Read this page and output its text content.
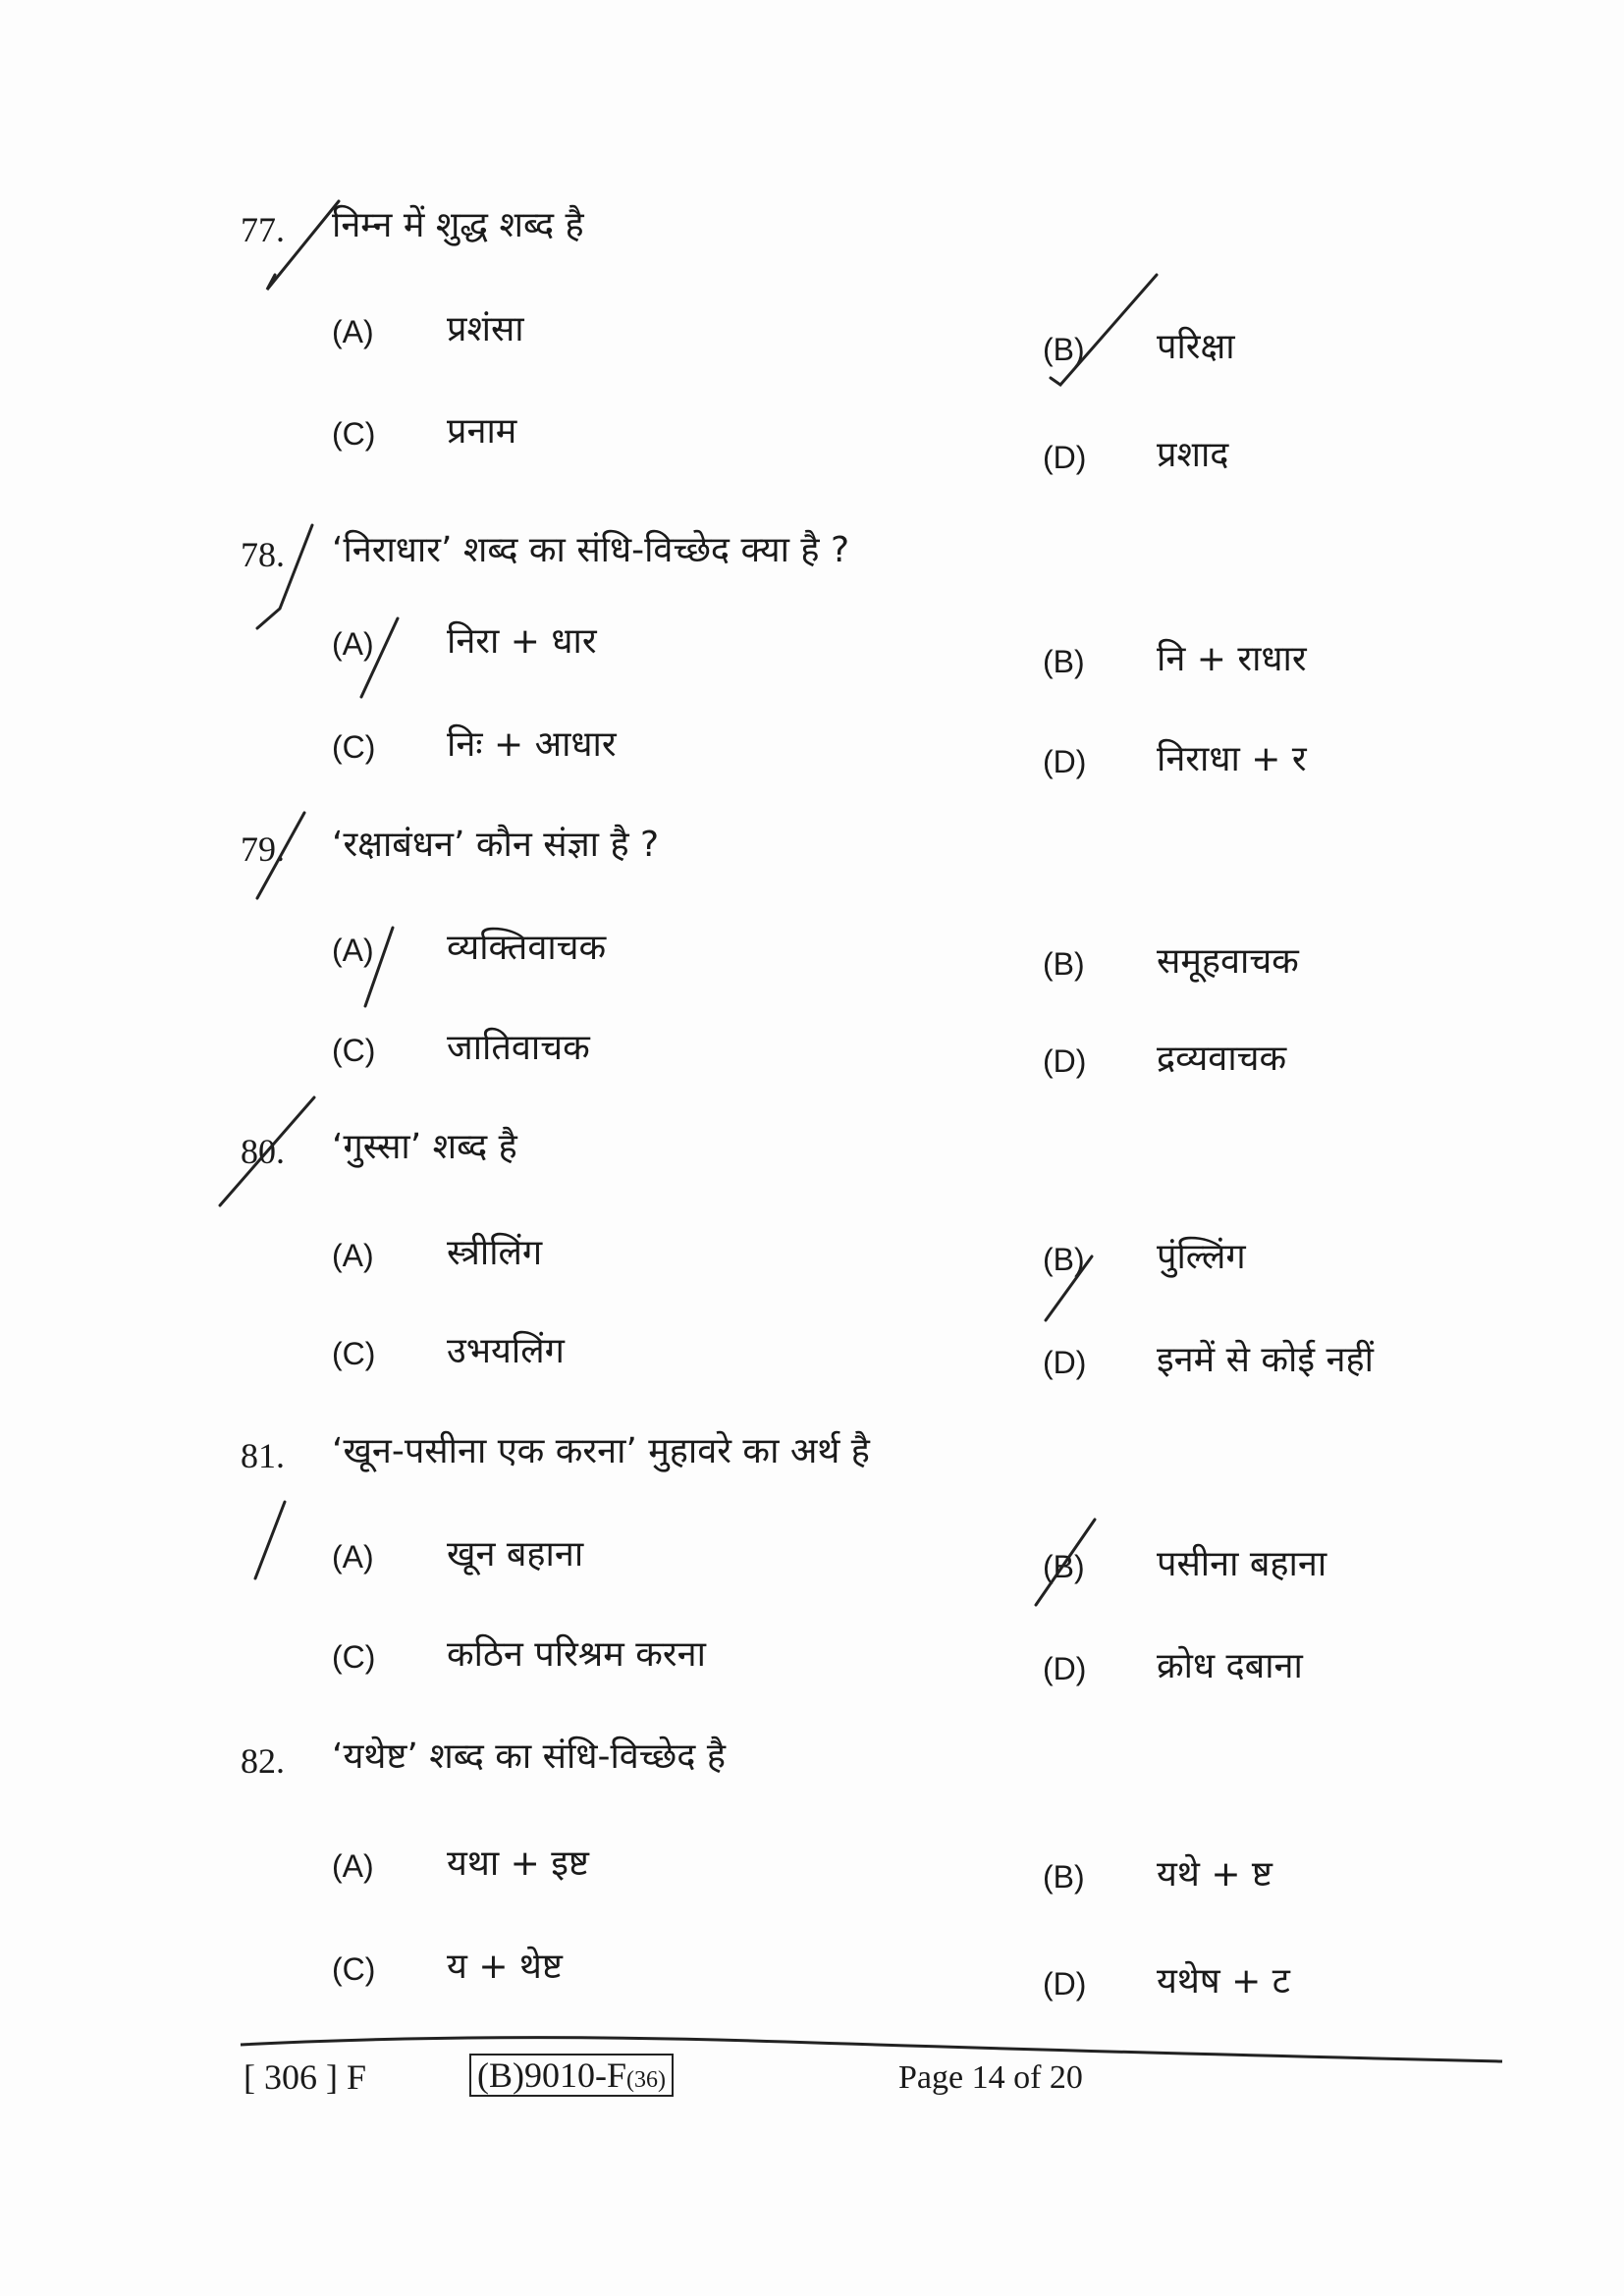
77. निम्न में शुद्ध शब्द है
(A) प्रशंसा	(B) परिक्षा
(C) प्रनाम
(D) प्रशाद
78. ‘निराधार’ शब्द का संधि-विच्छेद क्या है ?
(A) निरा + धार	(B) नि + राधार
(C) निः + आधार	(D) निराधा + र
79. ‘रक्षाबंधन’ कौन संज्ञा है ?
(A) व्यक्तिवाचक	(B) समूहवाचक
(C) जातिवाचक	(D) द्रव्यवाचक
80. ‘गुस्सा’ शब्द है
(A) स्त्रीलिंग	(B) पुंल्लिंग
(C) उभयलिंग	(D) इनमें से कोई नहीं
81. ‘खून-पसीना एक करना’ मुहावरे का अर्थ है
(A) खून बहाना	(B) पसीना बहाना
(C) कठिन परिश्रम करना	(D) क्रोध दबाना
82. ‘यथेष्ट’ शब्द का संधि-विच्छेद है
(A) यथा + इष्ट	(B) यथे + ष्ट
(C) य + थेष्ट	(D) यथेष + ट
[ 306 ] F	(B)9010-F(36)	Page 14 of 20
